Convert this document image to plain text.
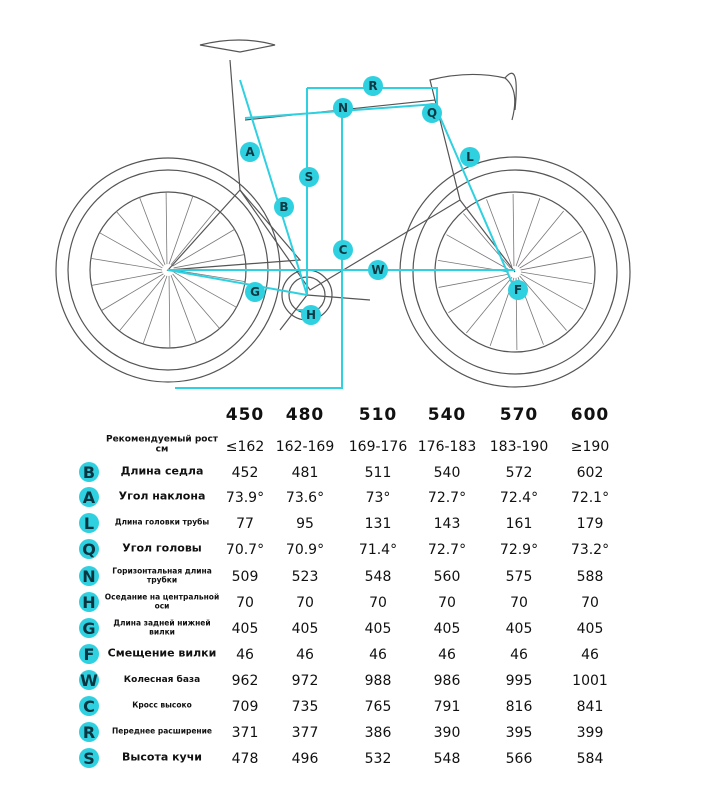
R
N	Q
A	L
S
B
C
W
G
H
F
450 480 510 540 570 600
Рекомендуемый рост см	≤162 162-169 169-176 176-183 183-190 ≥190
B	Длина седла	452 481	511	540	572	602
A	Угол наклона	73.9° 73.6°	73°	72.7° 72.4° 72.1°
L	Длина головки трубы	77	95	131	143	161	179
Q	Угол головы	70.7° 70.9° 71.4° 72.7° 72.9° 73.2°
N	Горизонтальная длина трубки	509 523	548	560	575	588
H	Оседание на центральной оси	70	70	70	70	70	70
G	Длина задней нижней вилки	405 405	405	405	405	405
F	Смещение вилки	46	46	46	46	46	46
W	Колесная база	962 972	988	986	995	1001
C	Кросс высоко	709 735	765	791	816	841
R	Переднее расширение	371 377	386	390	395	399
S	Высота кучи	478 496	532	548	566	584
